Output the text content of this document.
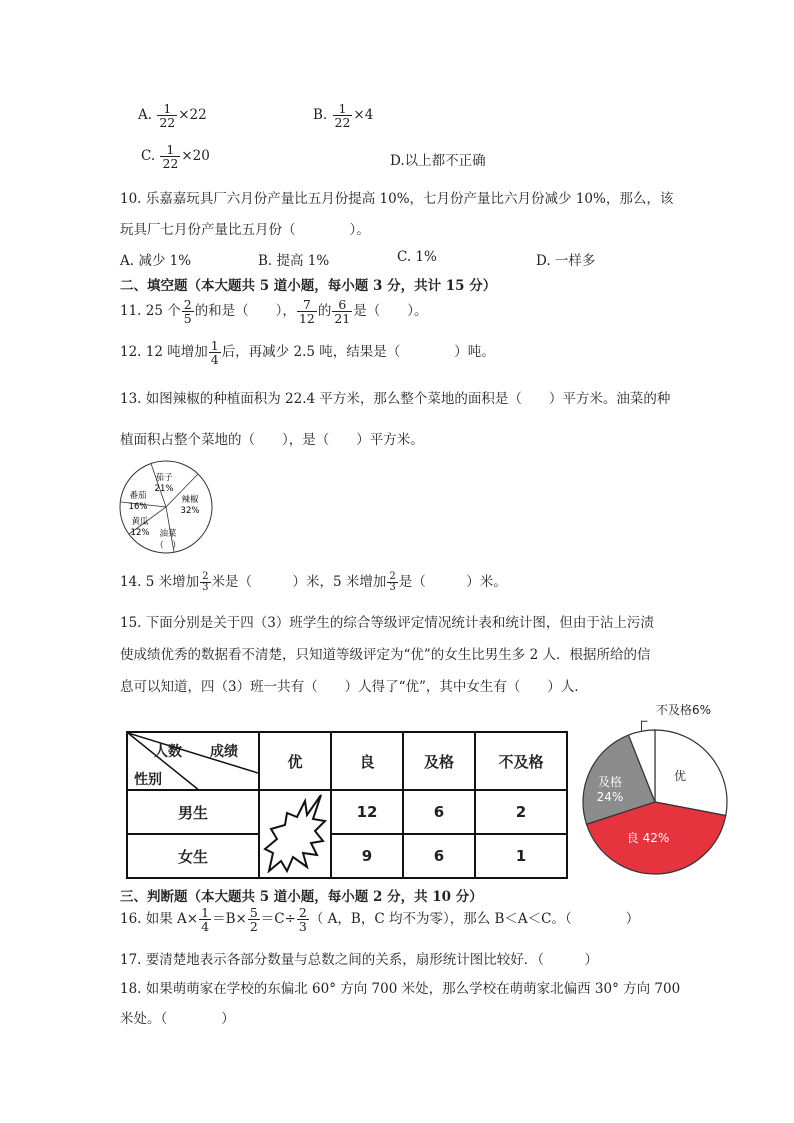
A. $\frac{1}{22} \times 22$	B. $\frac{1}{22} \times 4$
C. $\frac{1}{22} \times 20$	D.以上都不正确
10. 乐嘉嘉玩具厂六月份产量比五月份提高 10%，七月份产量比六月份减少 10%，那么，该
玩具厂七月份产量比五月份（　　　　）。
A. 减少 1%	B. 提高 1%	C. 1%	D. 一样多
二、填空题（本大题共 5 道小题，每小题 3 分，共计 15 分）
11. 25 个 $\frac{2}{5}$ 的和是（　　）， $\frac{7}{12}$ 的 $\frac{6}{21}$ 是（　　）。
12. 12 吨增加 $\frac{1}{4}$ 后，再减少 2.5 吨，结果是（　　　　）吨。
13. 如图辣椒的种植面积为 22.4 平方米，那么整个菜地的面积是（　　）平方米。油菜的种
植面积占整个菜地的（　　），是（　　）平方米。
茄子
21%
辣椒
32%
油菜
（　）
黄瓜
12%
番茄
16%
14. 5 米增加 $\frac{2}{3}$ 米是（　　　）米，5 米增加 $\frac{2}{3}$ 是（　　　）米。
15. 下面分别是关于四（3）班学生的综合等级评定情况统计表和统计图，但由于沾上污渍
使成绩优秀的数据看不清楚，只知道等级评定为“优”的女生比男生多 2 人．根据所给的信
息可以知道，四（3）班一共有（　　）人得了“优”，其中女生有（　　）人．
人数　　成绩
性别	优	良	及格	不及格
男生		12	6	2
女生		9	6	1
优
良 42%
及格
24%
不及格6%
三、判断题（本大题共 5 道小题，每小题 2 分，共 10 分）
16. 如果 $A\times \frac{1}{4} =B\times \frac{5}{2} =C\div \frac{2}{3}$ （ A，B，C 均不为零），那么 B＜A＜C。（　　　　）
17. 要清楚地表示各部分数量与总数之间的关系，扇形统计图比较好．（　　　）
18. 如果萌萌家在学校的东偏北 60° 方向 700 米处，那么学校在萌萌家北偏西 30° 方向 700
米处。（　　　　）
